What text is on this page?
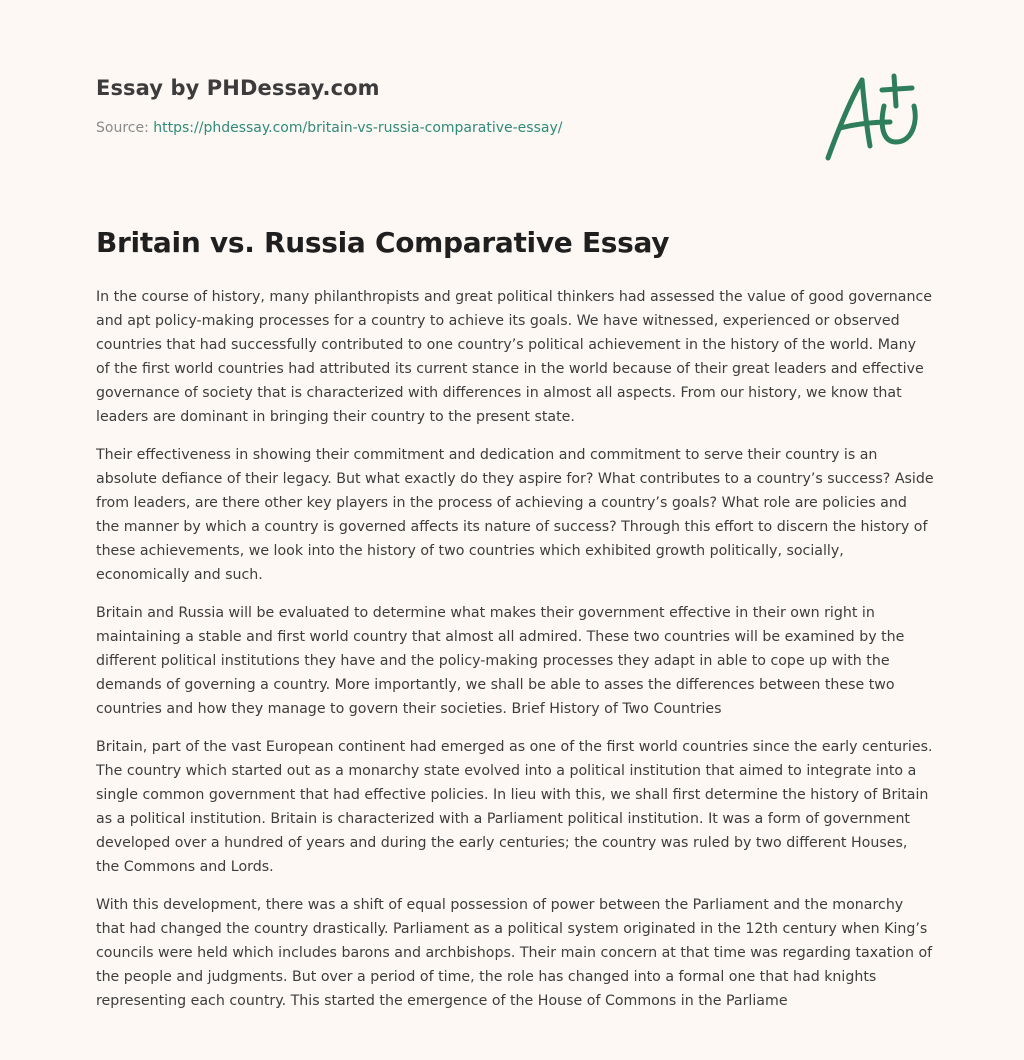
Essay by PHDessay.com
Source: https://phdessay.com/britain-vs-russia-comparative-essay/
Britain vs. Russia Comparative Essay

In the course of history, many philanthropists and great political thinkers had assessed the value of good governance and apt policy-making processes for a country to achieve its goals. We have witnessed, experienced or observed countries that had successfully contributed to one country’s political achievement in the history of the world. Many of the first world countries had attributed its current stance in the world because of their great leaders and effective governance of society that is characterized with differences in almost all aspects. From our history, we know that leaders are dominant in bringing their country to the present state.

Their effectiveness in showing their commitment and dedication and commitment to serve their country is an absolute defiance of their legacy. But what exactly do they aspire for? What contributes to a country’s success? Aside from leaders, are there other key players in the process of achieving a country’s goals? What role are policies and the manner by which a country is governed affects its nature of success? Through this effort to discern the history of these achievements, we look into the history of two countries which exhibited growth politically, socially, economically and such.

Britain and Russia will be evaluated to determine what makes their government effective in their own right in maintaining a stable and first world country that almost all admired. These two countries will be examined by the different political institutions they have and the policy-making processes they adapt in able to cope up with the demands of governing a country. More importantly, we shall be able to asses the differences between these two countries and how they manage to govern their societies. Brief History of Two Countries

Britain, part of the vast European continent had emerged as one of the first world countries since the early centuries. The country which started out as a monarchy state evolved into a political institution that aimed to integrate into a single common government that had effective policies. In lieu with this, we shall first determine the history of Britain as a political institution. Britain is characterized with a Parliament political institution. It was a form of government developed over a hundred of years and during the early centuries; the country was ruled by two different Houses, the Commons and Lords.

With this development, there was a shift of equal possession of power between the Parliament and the monarchy that had changed the country drastically. Parliament as a political system originated in the 12th century when King’s councils were held which includes barons and archbishops. Their main concern at that time was regarding taxation of the people and judgments. But over a period of time, the role has changed into a formal one that had knights representing each country. This started the emergence of the House of Commons in the Parliame
